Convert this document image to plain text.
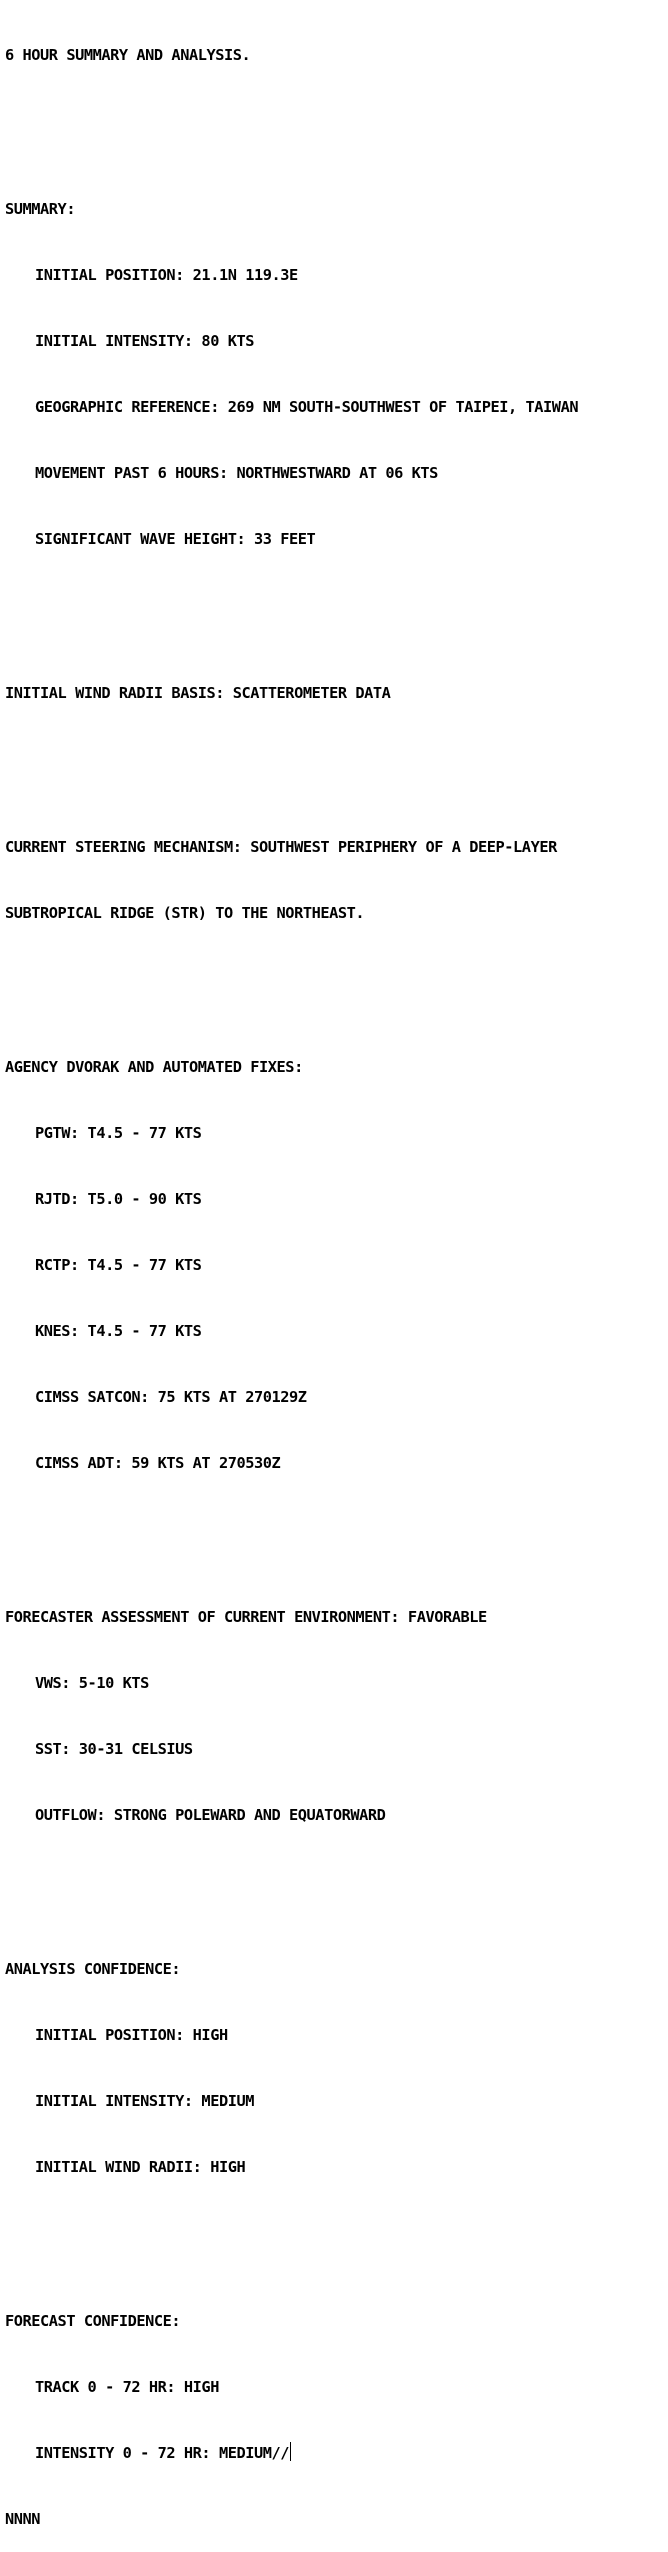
6 HOUR SUMMARY AND ANALYSIS.

SUMMARY:

INITIAL POSITION: 21.1N 119.3E

INITIAL INTENSITY: 80 KTS

GEOGRAPHIC REFERENCE: 269 NM SOUTH-SOUTHWEST OF TAIPEI, TAIWAN

MOVEMENT PAST 6 HOURS: NORTHWESTWARD AT 06 KTS

SIGNIFICANT WAVE HEIGHT: 33 FEET

INITIAL WIND RADII BASIS: SCATTEROMETER DATA

CURRENT STEERING MECHANISM: SOUTHWEST PERIPHERY OF A DEEP-LAYER

SUBTROPICAL RIDGE (STR) TO THE NORTHEAST.

AGENCY DVORAK AND AUTOMATED FIXES:

PGTW: T4.5 - 77 KTS

RJTD: T5.0 - 90 KTS

RCTP: T4.5 - 77 KTS

KNES: T4.5 - 77 KTS

CIMSS SATCON: 75 KTS AT 270129Z

CIMSS ADT: 59 KTS AT 270530Z

FORECASTER ASSESSMENT OF CURRENT ENVIRONMENT: FAVORABLE

VWS: 5-10 KTS

SST: 30-31 CELSIUS

OUTFLOW: STRONG POLEWARD AND EQUATORWARD

ANALYSIS CONFIDENCE:

INITIAL POSITION: HIGH

INITIAL INTENSITY: MEDIUM

INITIAL WIND RADII: HIGH

FORECAST CONFIDENCE:

TRACK 0 - 72 HR: HIGH

INTENSITY 0 - 72 HR: MEDIUM//

NNNN
